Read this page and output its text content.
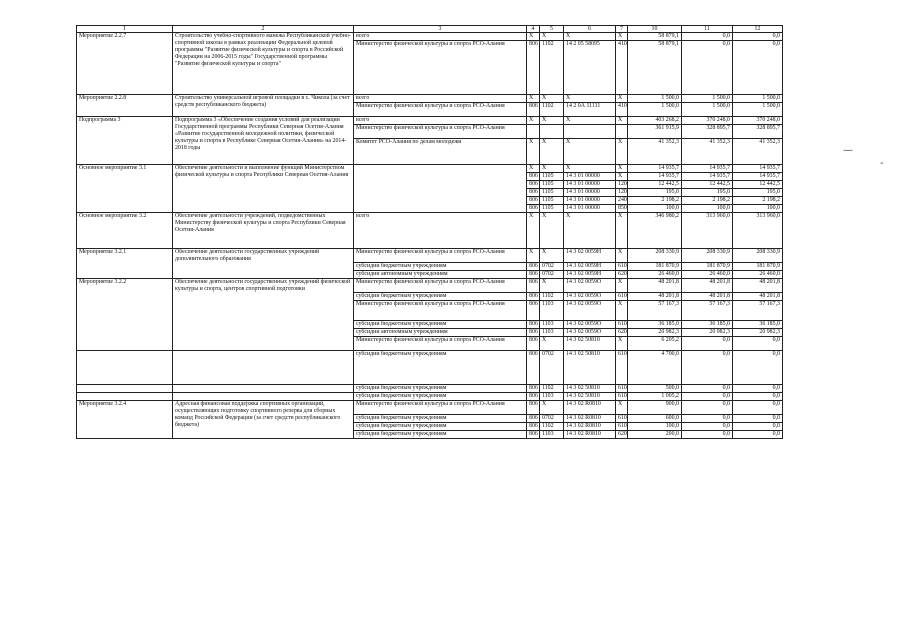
—
-
1	2	3	4	5	6	7	10	11	12
Мероприятие 2.2.7	Строительство учебно-спортивного манежа Республиканской учебно-спортивной школы в рамках реализации Федеральной целевой программы "Развитие физической культуры и спорта в Российской Федерации на 2006-2015 годы" Государственной программы "Развитие физической культуры и спорта"	всего	X	X	X	X	58 879,1	0,0	0,0
		Министерство физической культуры и спорта РСО-Алания	806	1102	14 2 05 58095	410	58 879,1	0,0	0,0
Мероприятие 2.2.8	Строительство универсальной игровой площадки в с. Чикола (за счет средств республиканского бюджета)	всего	X	X	X	X	1 500,0	1 500,0	1 500,0
		Министерство физической культуры и спорта РСО-Алания	806	1102	14 2 0А 11111	410	1 500,0	1 500,0	1 500,0
Подпрограмма 3	Подпрограмма 3 «Обеспечение создания условий для реализации Государственной программы Республики Северная Осетия-Алания «Развитие государственной молодежной политики, физической культуры и спорта в Республике Северная Осетия-Алания» на 2014-2018 годы	всего	X	X	X	X	403 268,2	370 248,0	370 248,0
		Министерство физической культуры и спорта РСО-Алания					361 915,9	328 895,7	328 895,7
		Комитет РСО-Алания по делам молодежи	X	X	X	X	41 352,3	41 352,3	41 352,3
Основное мероприятие 3.1	Обеспечение деятельности и выполнение функций Министерством физической культуры и спорта Республики Северная Осетия-Алания		X	X	X	X	14 935,7	14 935,7	14 935,7
			806	1105	14 3 01 00000	X	14 935,7	14 935,7	14 935,7
			806	1105	14 3 01 00000	120	12 442,5	12 442,5	12 442,5
			806	1105	14 3 01 00000	120	195,0	195,0	195,0
			806	1105	14 3 01 00000	240	2 198,2	2 198,2	2 198,2
			806	1105	14 3 01 00000	850	100,0	100,0	100,0
Основное мероприятие 3.2	Обеспечение деятельности учреждений, подведомственных Министерству физической культуры и спорта Республики Северная Осетия-Алания	всего	X	X	X	X	346 980,2	313 960,0	313 960,0
Мероприятие 3.2.1	Обеспечение деятельности государственных учреждений дополнительного образования	Министерство физической культуры и спорта РСО-Алания	X	X	14 3 02 0059Н	X	208 330,9	208 330,9	208 330,9
		субсидии бюджетным учреждениям	806	0702	14 3 02 0059Н	610	181 870,9	181 870,9	181 870,9
		субсидии автономным учреждениям	806	0702	14 3 02 0059Н	620	26 460,0	26 460,0	26 460,0
Мероприятие 3.2.2	Обеспечение деятельности государственных учреждений физической культуры и спорта, центров спортивной подготовки	Министерство физической культуры и спорта РСО-Алания	806	X	14 3 02 0059О	X	48 201,8	48 201,8	48 201,8
		субсидии бюджетным учреждениям	806	1102	14 3 02 0059О	610	48 201,8	48 201,8	48 201,8
		Министерство физической культуры и спорта РСО-Алания	806	1103	14 3 02 0059О	X	57 167,3	57 167,3	57 167,3
		субсидии бюджетным учреждениям	806	1103	14 3 02 0059О	610	36 185,0	36 185,0	36 185,0
		субсидии автономным учреждениям	806	1103	14 3 02 0059О	620	20 982,3	20 982,3	20 982,3
		Министерство физической культуры и спорта РСО-Алания	806	X	14 3 02 50810	X	6 205,2	0,0	0,0
		субсидии бюджетным учреждениям	806	0702	14 3 02 50810	610	4 700,0	0,0	0,0
		субсидии бюджетным учреждениям	806	1102	14 3 02 50810	610	500,0	0,0	0,0
		субсидии бюджетным учреждениям	806	1103	14 3 02 50810	610	1 005,2	0,0	0,0
Мероприятие 3.2.4	Адресная финансовая поддержка спортивных организаций, осуществляющих подготовку спортивного резерва для сборных команд Российской Федерации (за счет средств республиканского бюджета)	Министерство физической культуры и спорта РСО-Алания	806	X	14 3 02 R0810	X	900,0	0,0	0,0
		субсидии бюджетным учреждениям	806	0702	14 3 02 R0810	610	600,0	0,0	0,0
		субсидии бюджетным учреждениям	806	1102	14 3 02 R0810	610	100,0	0,0	0,0
		субсидии бюджетным учреждениям	806	1103	14 3 02 R0810	620	200,0	0,0	0,0
